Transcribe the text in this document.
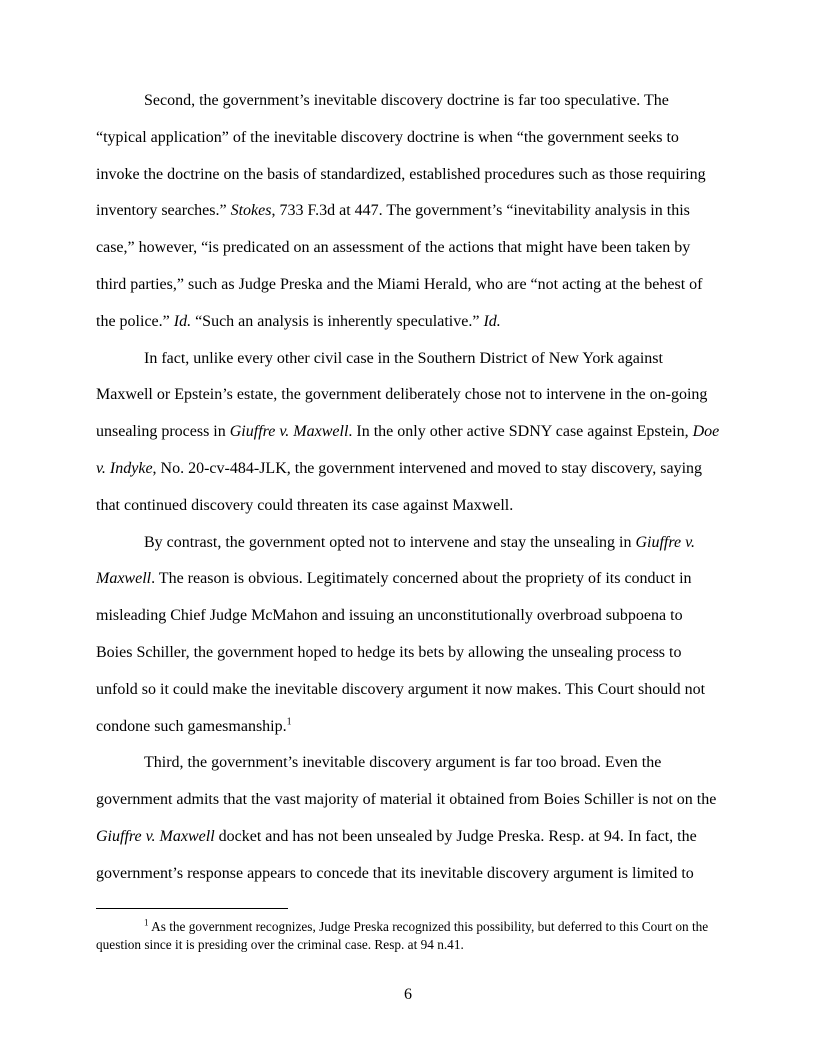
Second, the government’s inevitable discovery doctrine is far too speculative. The “typical application” of the inevitable discovery doctrine is when “the government seeks to invoke the doctrine on the basis of standardized, established procedures such as those requiring inventory searches.” Stokes, 733 F.3d at 447. The government’s “inevitability analysis in this case,” however, “is predicated on an assessment of the actions that might have been taken by third parties,” such as Judge Preska and the Miami Herald, who are “not acting at the behest of the police.” Id. “Such an analysis is inherently speculative.” Id.

In fact, unlike every other civil case in the Southern District of New York against Maxwell or Epstein’s estate, the government deliberately chose not to intervene in the on-going unsealing process in Giuffre v. Maxwell. In the only other active SDNY case against Epstein, Doe v. Indyke, No. 20-cv-484-JLK, the government intervened and moved to stay discovery, saying that continued discovery could threaten its case against Maxwell.

By contrast, the government opted not to intervene and stay the unsealing in Giuffre v. Maxwell. The reason is obvious. Legitimately concerned about the propriety of its conduct in misleading Chief Judge McMahon and issuing an unconstitutionally overbroad subpoena to Boies Schiller, the government hoped to hedge its bets by allowing the unsealing process to unfold so it could make the inevitable discovery argument it now makes. This Court should not condone such gamesmanship.$^1$

Third, the government’s inevitable discovery argument is far too broad. Even the government admits that the vast majority of material it obtained from Boies Schiller is not on the Giuffre v. Maxwell docket and has not been unsealed by Judge Preska. Resp. at 94. In fact, the government’s response appears to concede that its inevitable discovery argument is limited to

$^1$ As the government recognizes, Judge Preska recognized this possibility, but deferred to this Court on the question since it is presiding over the criminal case. Resp. at 94 n.41.

6
